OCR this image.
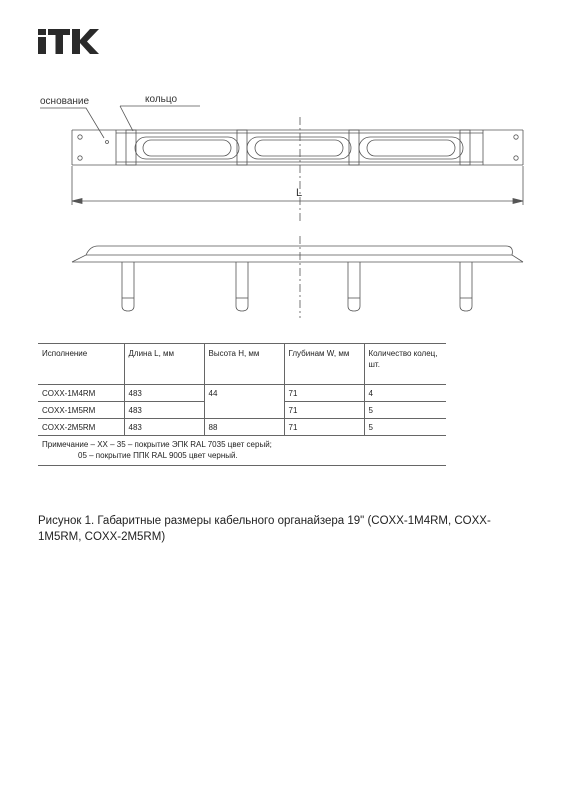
основание	кольцо
L
Исполнение	Длина L, мм	Высота H, мм	Глубинам W, мм	Количество колец, шт.
COXX-1M4RM	483	44	71	4
COXX-1M5RM	483		71	5
COXX-2M5RM	483	88	71	5

Примечание – XX – 35 – покрытие ЭПК RAL 7035 цвет серый;
05 – покрытие ППК RAL 9005 цвет черный.				
Рисунок 1. Габаритные размеры кабельного органайзера 19" (COXX-1M4RM, COXX-1M5RM, COXX-2M5RM)
